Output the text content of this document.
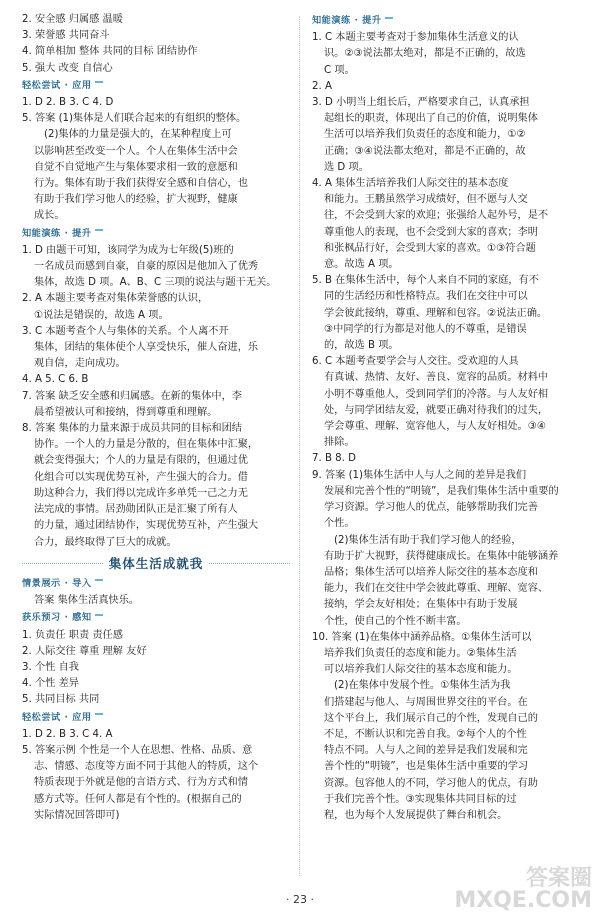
2. 安全感 归属感 温暖
3. 荣誉感 共同奋斗
4. 简单相加 整体 共同的目标 团结协作
5. 强大 改变 自信心
轻松尝试 · 应用
1. D 2. B 3. C 4. D
5. 答案 (1)集体是人们联合起来的有组织的整体。
(2)集体的力量是强大的，在某种程度上可
以影响甚至改变一个人。个人在集体生活中会
自觉不自觉地产生与集体要求相一致的意愿和
行为。集体有助于我们获得安全感和自信心，也
有助于我们学习他人的经验，扩大视野，健康
成长。
知能演练 · 提升
1. D 由题干可知，该同学为成为七年级(5)班的
一名成员而感到自豪，自豪的原因是他加入了优秀
集体，故选 D 项。A、B、C 三项的说法与题干无关。
2. A 本题主要考查对集体荣誉感的认识，
①说法是错误的，故选 A 项。
3. C 本题考查个人与集体的关系。个人离不开
集体，团结的集体使个人享受快乐，催人奋进，乐
观自信，走向成功。
4. A 5. C 6. B
7. 答案 缺乏安全感和归属感。在新的集体中，李
晨希望被认可和接纳，得到尊重和理解。
8. 答案 集体的力量来源于成员共同的目标和团结
协作。一个人的力量是分散的，但在集体中汇聚，
就会变得强大；个人的力量是有限的，但通过优
化组合可以实现优势互补，产生强大的合力。借
助这种合力，我们得以完成许多单凭一己之力无
法完成的事情。居劲勋团队正是汇聚了所有人
的力量，通过团结协作，实现优势互补，产生强大
合力，最终取得了巨大的成就。
集体生活成就我
情景展示 · 导入
答案 集体生活真快乐。
获乐预习 · 感知
1. 负责任 职责 责任感
2. 人际交往 尊重 理解 友好
3. 个性 自我
4. 个性 差异
5. 共同目标 共同
轻松尝试 · 应用
1. D 2. B 3. C 4. A
5. 答案示例 个性是一个人在思想、性格、品质、意
志、情感、态度等方面不同于其他人的特质，这个
特质表现于外就是他的言语方式、行为方式和情
感方式等。任何人都是有个性的。(根据自己的
实际情况回答即可)
知能演练 · 提升
1. C 本题主要考查对于参加集体生活意义的认
识。②③说法都太绝对，都是不正确的，故选
C 项。
2. A
3. D 小明当上组长后，严格要求自己，认真承担
起组长的职责，体现出了自己的价值，说明集体
生活可以培养我们负责任的态度和能力，①②
正确；③④说法都太绝对，都是不正确的，故
选 D 项。
4. A 集体生活培养我们人际交往的基本态度
和能力。王鹏虽然学习成绩好，但不愿与人交
往，不会受到大家的欢迎；张强给人起外号，是不
尊重他人的表现，也不会受到大家的喜欢；李明
和张枫品行好，会受到大家的喜欢。①③符合题
意。故选 A 项。
5. B 在集体生活中，每个人来自不同的家庭，有不
同的生活经历和性格特点。我们在交往中可以
学会彼此接纳，尊重、理解和包容。②说法正确。
③中同学的行为都是对他人的不尊重，是错误
的，故选 B 项。
6. C 本题考查要学会与人交往。受欢迎的人具
有真诚、热情、友好、善良、宽容的品质。材料中
小明不尊重他人，受到同学们的冷落。与人友好相
处，与同学团结友爱，就要正确对待我们的过失，
学会尊重、理解、宽容他人，与人友好相处。③④
排除。
7. B 8. D
9. 答案 (1)集体生活中人与人之间的差异是我们
发展和完善个性的“明镜”，是我们集体生活中重要的
学习资源。学习他人的优点，能够帮助我们完善
个性。
(2)集体生活有助于我们学习他人的经验，
有助于扩大视野，获得健康成长。在集体中能够涵养
品格；集体生活可以培养人际交往的基本态度和
能力，我们在交往中学会彼此尊重、理解、宽容、
接纳，学会友好相处；在集体中有助于发展
个性，使自己的个性不断丰富。
10. 答案 (1)在集体中涵养品格。①集体生活可以
培养我们负责任的态度和能力。②集体生活
可以培养我们人际交往的基本态度和能力。
(2)在集体中发展个性。①集体生活为我
们搭建起与他人、与周围世界交往的平台。在
这个平台上，我们展示自己的个性，发现自己的
不足，不断认识和完善自我。②每个人的个性
特点不同。人与人之间的差异是我们发展和完
善个性的“明镜”，也是集体生活中重要的学习
资源。包容他人的不同，学习他人的优点，有助
于我们完善个性。③实现集体共同目标的过
程，也为每个人发展提供了舞台和机会。
· 23 ·
答案圈 MXQE.COM
